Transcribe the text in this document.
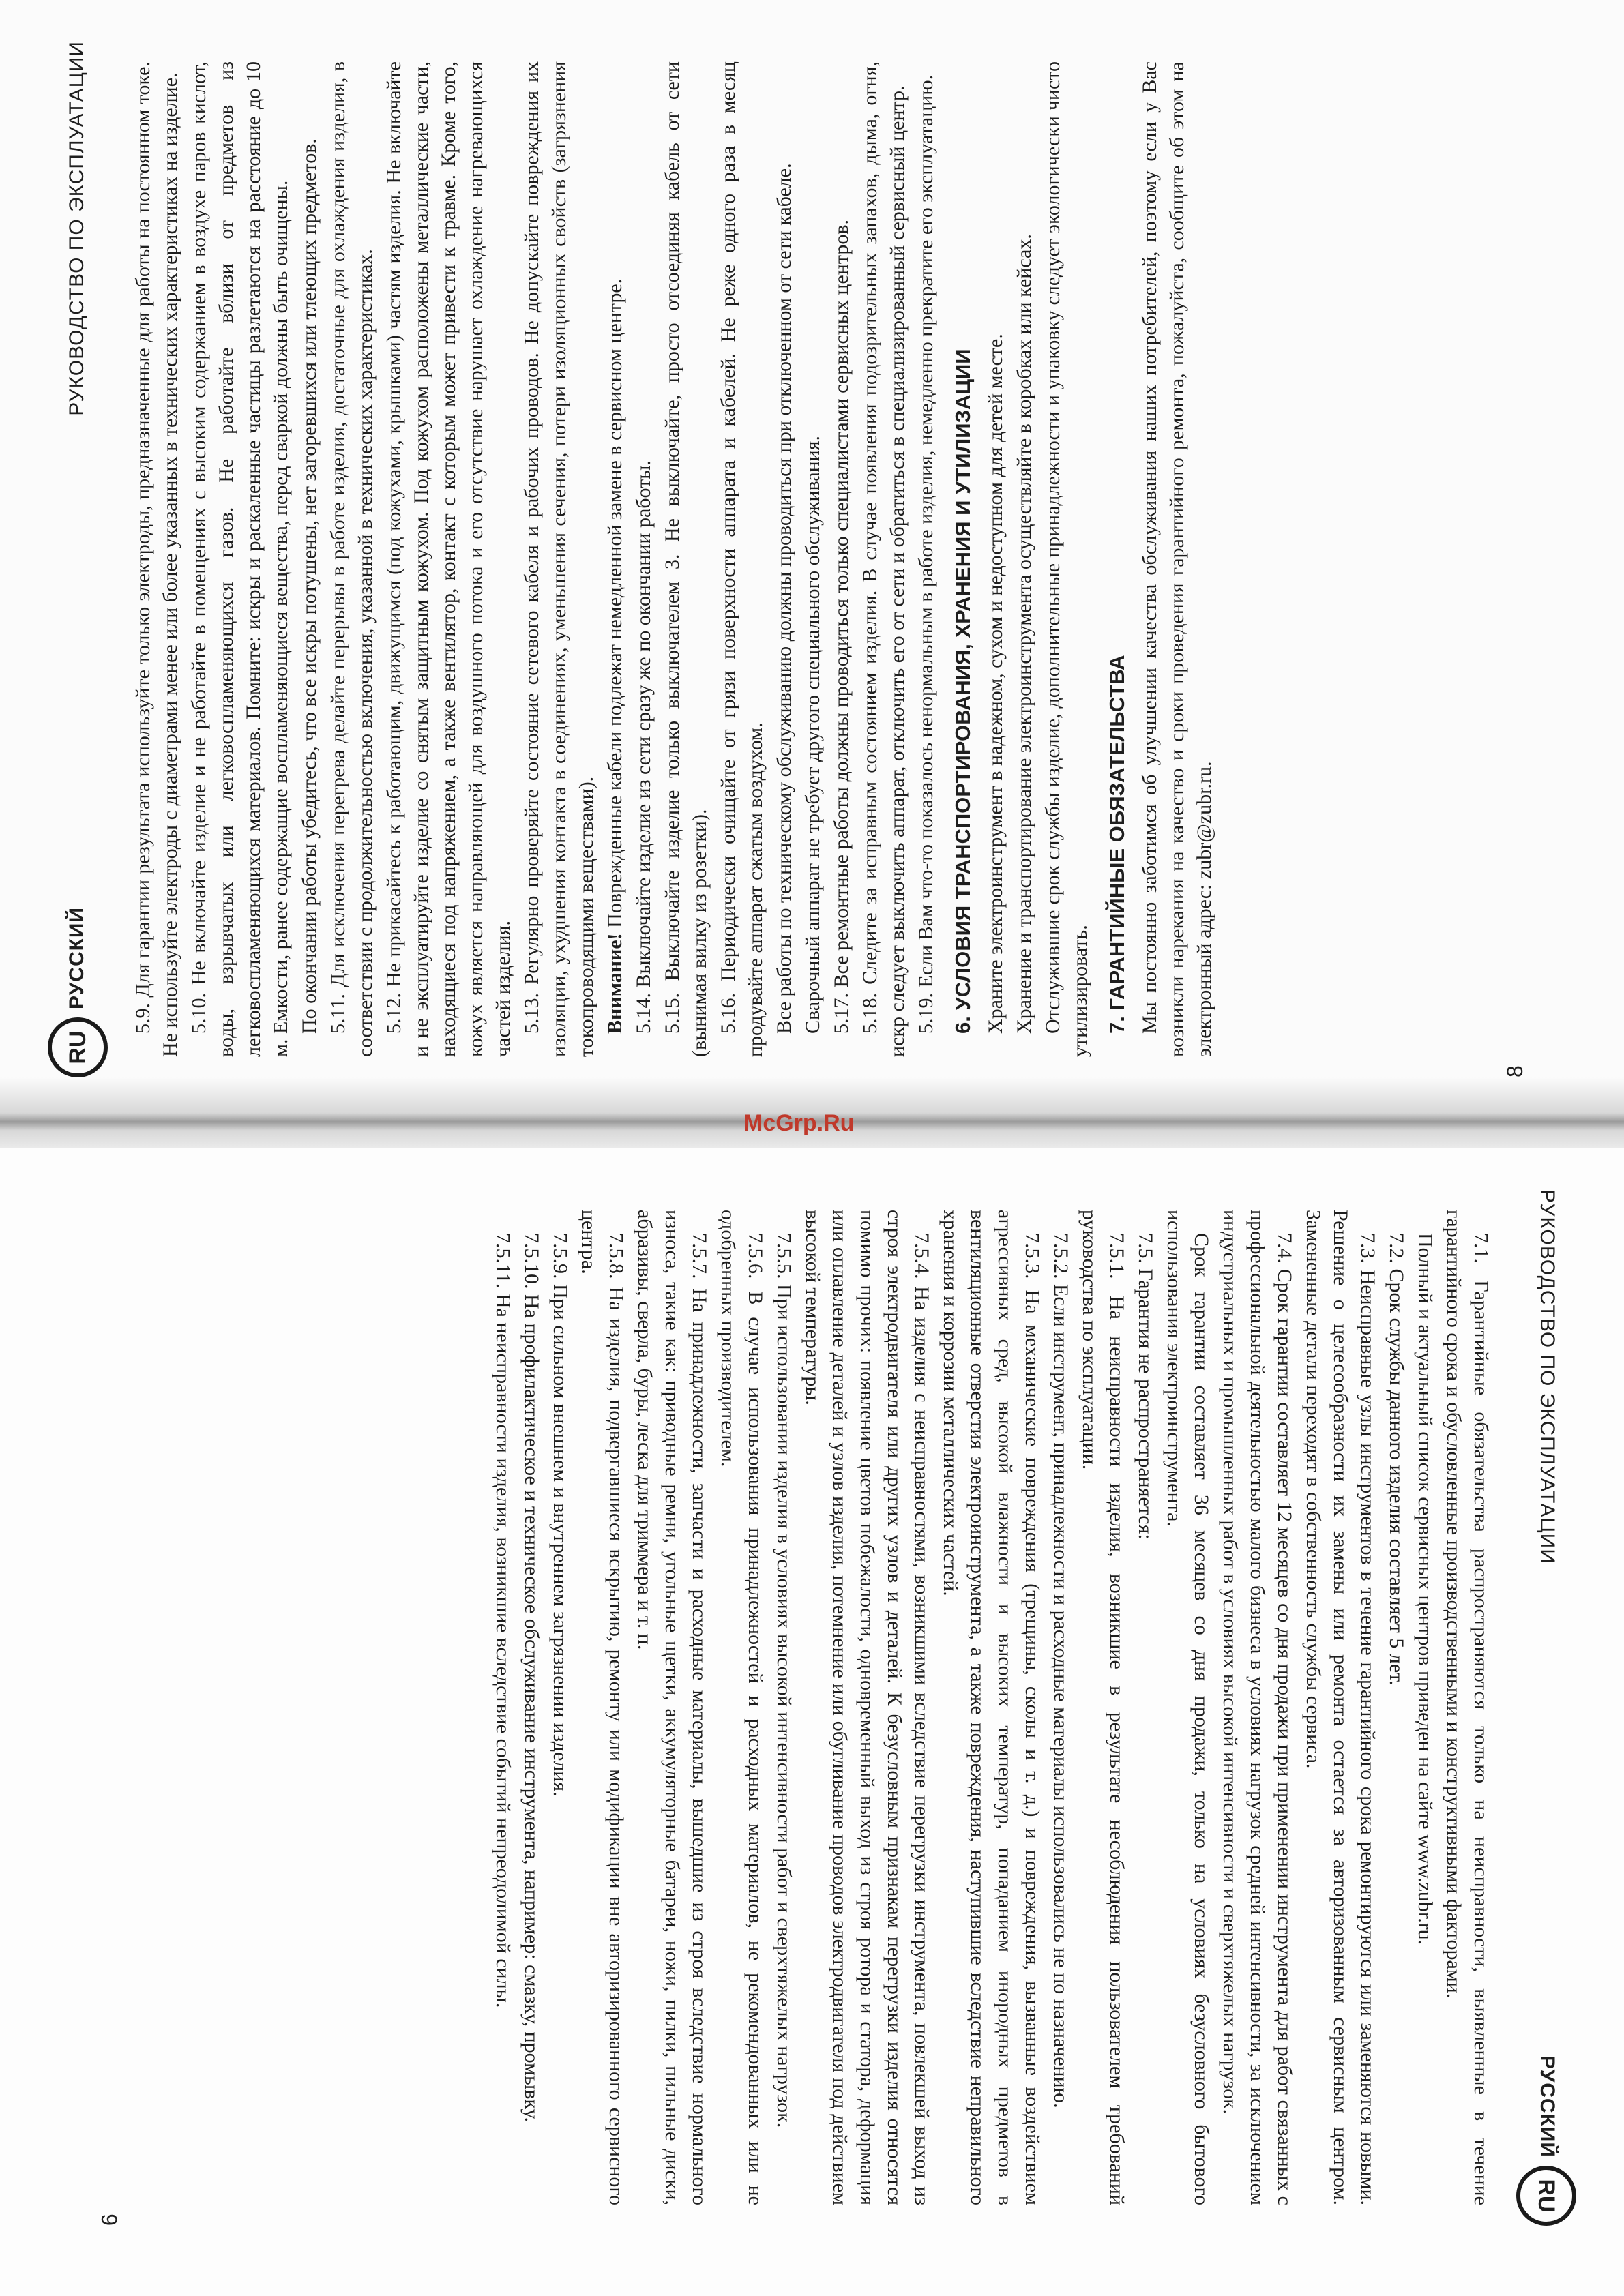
RU
РУССКИЙ
РУКОВОДСТВО ПО ЭКСПЛУАТАЦИИ 5.9. Для гарантии результата используйте только электроды, предназначенные для работы на постоянном токе. Не используйте электроды с диаметрами менее или более указанных в технических характеристиках на изделие. 5.10. Не включайте изделие и не работайте в помещениях с высоким содержанием в воздухе паров кислот, воды, взрывчатых или легковоспламеняющихся газов. Не работайте вблизи от предметов из легковоспламеняющихся материалов. Помните: искры и раскаленные частицы разлетаются на расстояние до 10 м. Емкости, ранее содержащие воспламеняющиеся вещества, перед сваркой должны быть очищены. По окончании работы убедитесь, что все искры потушены, нет загоревшихся или тлеющих предметов. 5.11. Для исключения перегрева делайте перерывы в работе изделия, достаточные для охлаждения изделия, в соответствии с продолжительностью включения, указанной в технических характеристиках. 5.12. Не прикасайтесь к работающим, движущимся (под кожухами, крышками) частям изделия. Не включайте и не эксплуатируйте изделие со снятым защитным кожухом. Под кожухом расположены металлические части, находящиеся под напряжением, а также вентилятор, контакт с которым может привести к травме. Кроме того, кожух является направляющей для воздушного потока и его отсутствие нарушает охлаждение нагревающихся частей изделия. 5.13. Регулярно проверяйте состояние сетевого кабеля и рабочих проводов. Не допускайте повреждения их изоляции, ухудшения контакта в соединениях, уменьшения сечения, потери изоляционных свойств (загрязнения токопроводящими веществами). Внимание! Поврежденные кабели подлежат немедленной замене в сервисном центре. 5.14. Выключайте изделие из сети сразу же по окончании работы. 5.15. Выключайте изделие только выключателем 3. Не выключайте, просто отсоединяя кабель от сети (вынимая вилку из розетки). 5.16. Периодически очищайте от грязи поверхности аппарата и кабелей. Не реже одного раза в месяц продувайте аппарат сжатым воздухом. Все работы по техническому обслуживанию должны проводиться при отключенном от сети кабеле. Сварочный аппарат не требует другого специального обслуживания. 5.17. Все ремонтные работы должны проводиться только специалистами сервисных центров. 5.18. Следите за исправным состоянием изделия. В случае появления подозрительных запахов, дыма, огня, искр следует выключить аппарат, отключить его от сети и обратиться в специализированный сервисный центр. 5.19. Если Вам что-то показалось ненормальным в работе изделия, немедленно прекратите его эксплуатацию. 6. УСЛОВИЯ ТРАНСПОРТИРОВАНИЯ, ХРАНЕНИЯ И УТИЛИЗАЦИИ Храните электроинструмент в надежном, сухом и недоступном для детей месте. Хранение и транспортирование электроинструмента осуществляйте в коробках или кейсах. Отслужившие срок службы изделие, дополнительные принадлежности и упаковку следует экологически чисто утилизировать. 7. ГАРАНТИЙНЫЕ ОБЯЗАТЕЛЬСТВА Мы постоянно заботимся об улучшении качества обслуживания наших потребителей, поэтому если у Вас возникли нарекания на качество и сроки проведения гарантийного ремонта, пожалуйста, сообщите об этом на электронный адрес: zubr@zubr.ru.

8
McGrp.Ru
РУКОВОДСТВО ПО ЭКСПЛУАТАЦИИ
РУССКИЙ
RU

7.1. Гарантийные обязательства распространяются только на неисправности, выявленные в течение гарантийного срока и обусловленные производственными и конструктивными факторами.

Полный и актуальный список сервисных центров приведен на сайте www.zubr.ru.

7.2. Срок службы данного изделия составляет 5 лет.

7.3. Неисправные узлы инструментов в течение гарантийного срока ремонтируются или заменяются новыми. Решение о целесообразности их замены или ремонта остается за авторизованным сервисным центром. Замененные детали переходят в собственность службы сервиса.

7.4. Срок гарантии составляет 12 месяцев со дня продажи при применении инструмента для работ связанных с профессиональной деятельностью малого бизнеса в условиях нагрузок средней интенсивности, за исключением индустриальных и промышленных работ в условиях высокой интенсивности и сверхтяжелых нагрузок.

Срок гарантии составляет 36 месяцев со дня продажи, только на условиях безусловного бытового использования электроинструмента.

7.5. Гарантия не распространяется:

7.5.1. На неисправности изделия, возникшие в результате несоблюдения пользователем требований руководства по эксплуатации.

7.5.2. Если инструмент, принадлежности и расходные материалы использовались не по назначению.

7.5.3. На механические повреждения (трещины, сколы и т. д.) и повреждения, вызванные воздействием агрессивных сред, высокой влажности и высоких температур, попаданием инородных предметов в вентиляционные отверстия электроинструмента, а также повреждения, наступившие вследствие неправильного хранения и коррозии металлических частей.

7.5.4. На изделия с неисправностями, возникшими вследствие перегрузки инструмента, повлекшей выход из строя электродвигателя или других узлов и деталей. К безусловным признакам перегрузки изделия относятся помимо прочих: появление цветов побежалости, одновременный выход из строя ротора и статора, деформация или оплавление деталей и узлов изделия, потемнение или обугливание проводов электродвигателя под действием высокой температуры.

7.5.5. При использовании изделия в условиях высокой интенсивности работ и сверхтяжелых нагрузок.

7.5.6. В случае использования принадлежностей и расходных материалов, не рекомендованных или не одобренных производителем.

7.5.7. На принадлежности, запчасти и расходные материалы, вышедшие из строя вследствие нормального износа, такие как: приводные ремни, угольные щетки, аккумуляторные батареи, ножи, пилки, пильные диски, абразивы, сверла, буры, леска для триммера и т. п.

7.5.8. На изделия, подвергавшиеся вскрытию, ремонту или модификации вне авторизированного сервисного центра.

7.5.9. При сильном внешнем и внутреннем загрязнении изделия.

7.5.10. На профилактическое и техническое обслуживание инструмента, например: смазку, промывку.

7.5.11. На неисправности изделия, возникшие вследствие событий непреодолимой силы.

9
